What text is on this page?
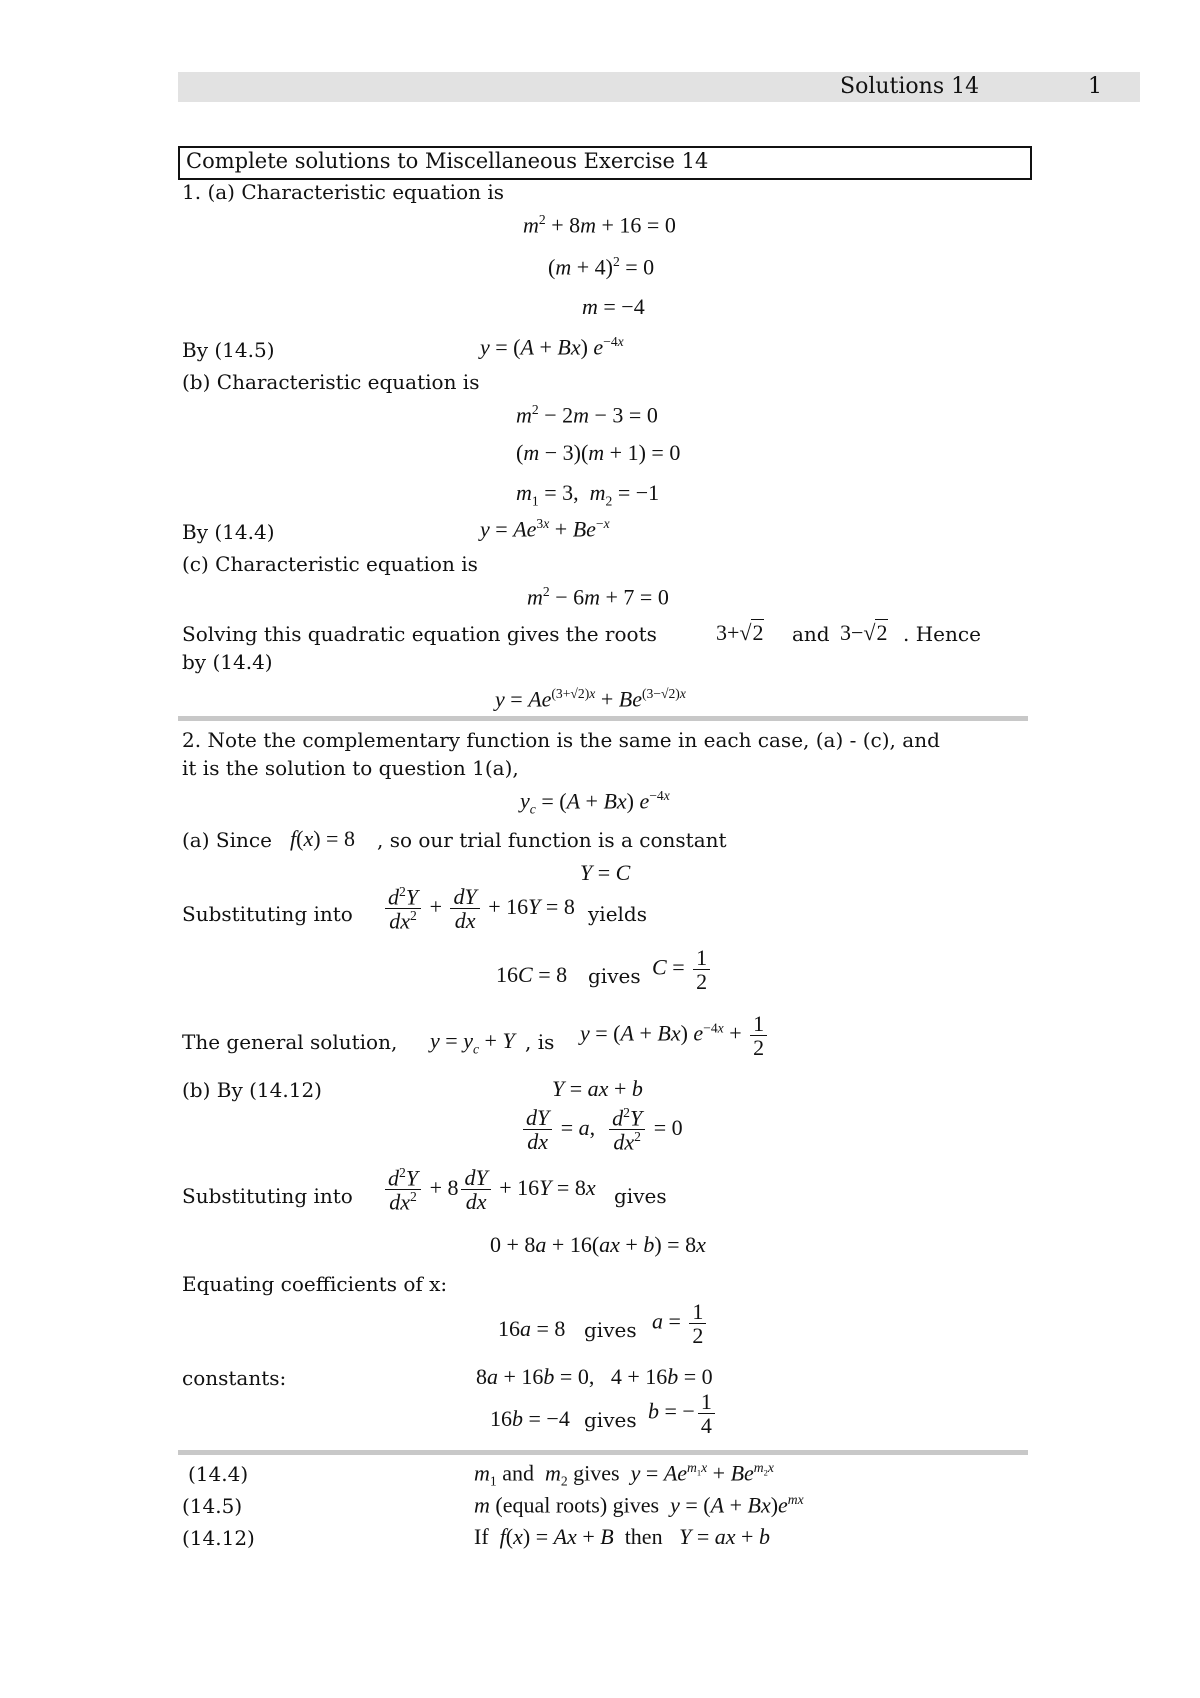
Solutions 14	1
Complete solutions to Miscellaneous Exercise 14
1. (a) Characteristic equation is
$m^2 + 8m + 16 = 0$
$(m + 4)^2 = 0$
m = −4
By (14.5)	y = (A + Bx) $e^{-4x}$
(b) Characteristic equation is
$m^2 - 2m - 3 = 0$
(m − 3)(m + 1) = 0
$m_1 = 3$,  $m_2 = -1$
By (14.4)	$y = Ae^{3x} + Be^{-x}$
(c) Characteristic equation is
$m^2 - 6m + 7 = 0$
Solving this quadratic equation gives the roots	3+√2 and 3−√2 . Hence
by (14.4)
$y = Ae^{(3+√2)x} + Be^{(3-√2)x}$
2. Note the complementary function is the same in each case, (a) - (c), and
it is the solution to question 1(a),
$y_c = (A + Bx)$ $e^{-4x}$
(a) Since f(x) = 8 , so our trial function is a constant
Y = C
Substituting into $\frac{d^2Y}{dx^2} + \frac{dY}{dx} + 16Y = 8$ yields
16C = 8 gives $C = \frac{1}{2}$
The general solution, $y = y_c + Y$ , is y = (A + Bx) $e^{-4x} + \frac{1}{2}$
(b) By (14.12)	Y = ax + b
$\frac{dY}{dx} = a$, $\frac{d^2Y}{dx^2} = 0$
Substituting into $\frac{d^2Y}{dx^2} + 8 \frac{dY}{dx} + 16Y = 8x$ gives
0 + 8a + 16(ax + b) = 8x
Equating coefficients of x:
16a = 8 gives $a = \frac{1}{2}$
constants:	8a + 16b = 0,   4 + 16b = 0
16b = −4 gives b = − $\frac{1}{4}$
(14.4)	$m_1$ and  $m_2$ gives  $y = Ae^{m_1x} + Be^{m_2x}$
(14.5)	m (equal roots) gives  $y = (A + Bx)e^{mx}$
(14.12)	If  f(x) = Ax + B  then   Y = ax + b
